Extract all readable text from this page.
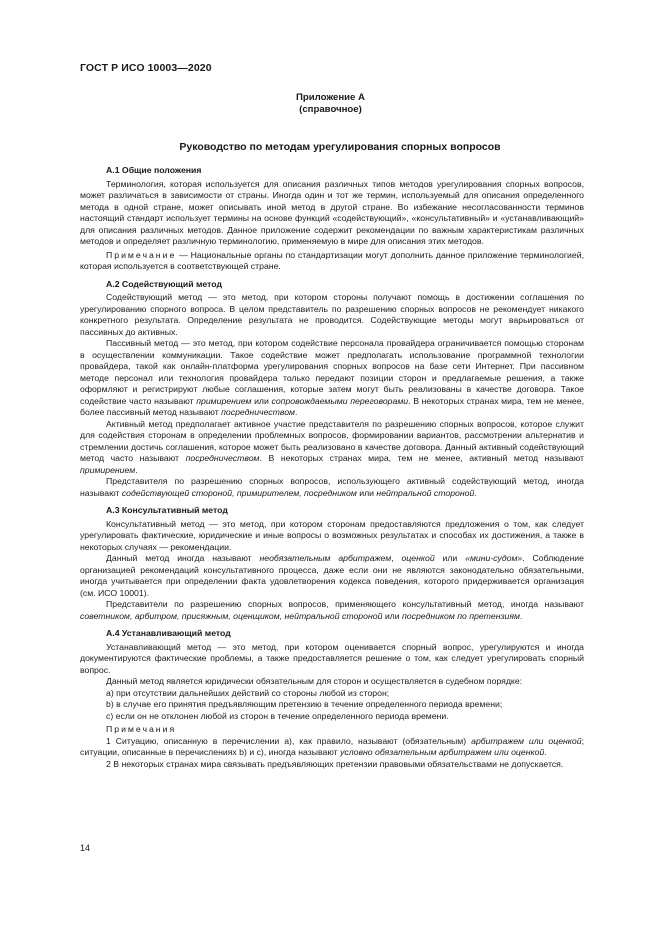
ГОСТ Р ИСО 10003—2020
Приложение А
(справочное)
Руководство по методам урегулирования спорных вопросов
А.1 Общие положения

Терминология, которая используется для описания различных типов методов урегулирования спорных вопросов, может различаться в зависимости от страны. Иногда один и тот же термин, используемый для описания определенного метода в одной стране, может описывать иной метод в другой стране. Во избежание несогласованности терминов настоящий стандарт использует термины на основе функций «содействующий», «консультативный» и «устанавливающий» для описания различных методов. Данное приложение содержит рекомендации по важным характеристикам различных методов и определяет различную терминологию, применяемую в мире для описания этих методов.

Примечание — Национальные органы по стандартизации могут дополнить данное приложение терминологией, которая используется в соответствующей стране.

А.2 Содействующий метод

Содействующий метод — это метод, при котором стороны получают помощь в достижении соглашения по урегулированию спорного вопроса. В целом представитель по разрешению спорных вопросов не рекомендует никакого конкретного результата. Определение результата не проводится. Содействующие методы могут варьироваться от пассивных до активных.

Пассивный метод — это метод, при котором содействие персонала провайдера ограничивается помощью сторонам в осуществлении коммуникации. Такое содействие может предполагать использование программной технологии провайдера, такой как онлайн-платформа урегулирования спорных вопросов на базе сети Интернет. При пассивном методе персонал или технология провайдера только передают позиции сторон и предлагаемые решения, а также оформляют и регистрируют любые соглашения, которые затем могут быть реализованы в качестве договора. Такое содействие часто называют примирением или сопровождаемыми переговорами. В некоторых странах мира, тем не менее, более пассивный метод называют посредничеством.

Активный метод предполагает активное участие представителя по разрешению спорных вопросов, которое служит для содействия сторонам в определении проблемных вопросов, формировании вариантов, рассмотрении альтернатив и стремлении достичь соглашения, которое может быть реализовано в качестве договора. Данный активный содействующий метод часто называют посредничеством. В некоторых странах мира, тем не менее, активный метод называют примирением.

Представителя по разрешению спорных вопросов, использующего активный содействующий метод, иногда называют содействующей стороной, примирителем, посредником или нейтральной стороной.

А.3 Консультативный метод

Консультативный метод — это метод, при котором сторонам предоставляются предложения о том, как следует урегулировать фактические, юридические и иные вопросы о возможных результатах и способах их достижения, а также в некоторых случаях — рекомендации.

Данный метод иногда называют необязательным арбитражем, оценкой или «мини-судом». Соблюдение организацией рекомендаций консультативного процесса, даже если они не являются законодательно обязательными, иногда учитывается при определении факта удовлетворения кодекса поведения, которого придерживается организация (см. ИСО 10001).

Представители по разрешению спорных вопросов, применяющего консультативный метод, иногда называют советником, арбитром, присяжным, оценщиком, нейтральной стороной или посредником по претензиям.

А.4 Устанавливающий метод

Устанавливающий метод — это метод, при котором оценивается спорный вопрос, урегулируются и иногда документируются фактические проблемы, а также предоставляется решение о том, как следует урегулировать спорный вопрос.

Данный метод является юридически обязательным для сторон и осуществляется в судебном порядке:

a) при отсутствии дальнейших действий со стороны любой из сторон;

b) в случае его принятия предъявляющим претензию в течение определенного периода времени;

c) если он не отклонен любой из сторон в течение определенного периода времени.

Примечания

1 Ситуацию, описанную в перечислении а), как правило, называют (обязательным) арбитражем или оценкой; ситуации, описанные в перечислениях b) и c), иногда называют условно обязательным арбитражем или оценкой.

2 В некоторых странах мира связывать предъявляющих претензии правовыми обязательствами не допускается.

14
